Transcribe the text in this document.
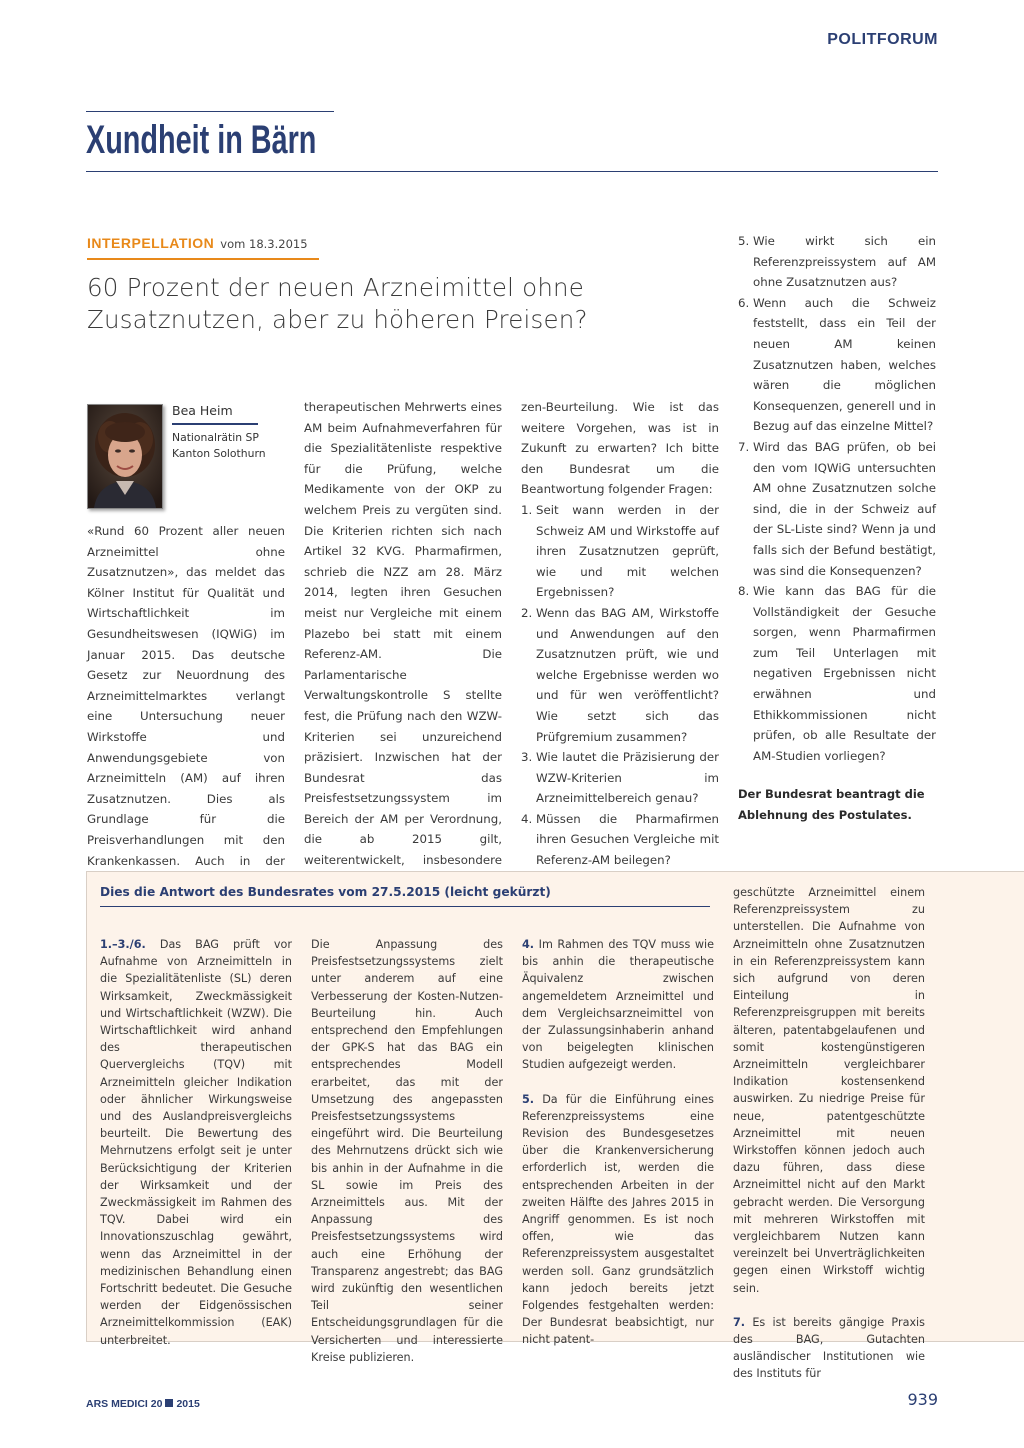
POLITFORUM
Xundheit in Bärn
INTERPELLATION vom 18.3.2015
60 Prozent der neuen Arzneimittel ohne
Zusatznutzen, aber zu höheren Preisen?
Bea Heim
Nationalrätin SP
Kanton Solothurn

«Rund 60 Prozent aller neuen Arzneimittel ohne Zusatznutzen», das meldet das Kölner Institut für Qualität und Wirtschaftlichkeit im Gesundheitswesen (IQWiG) im Januar 2015. Das deutsche Gesetz zur Neuordnung des Arzneimittelmarktes verlangt eine Untersuchung neuer Wirkstoffe und Anwendungsgebiete von Arzneimitteln (AM) auf ihren Zusatznutzen. Dies als Grundlage für die Preisverhandlungen mit den Krankenkassen. Auch in der

therapeutischen Mehrwerts eines AM beim Aufnahmeverfahren für die Spezialitätenliste respektive für die Prüfung, welche Medikamente von der OKP zu welchem Preis zu vergüten sind. Die Kriterien richten sich nach Artikel 32 KVG. Pharmafirmen, schrieb die NZZ am 28. März 2014, legten ihren Gesuchen meist nur Vergleiche mit einem Plazebo bei statt mit einem Referenz-AM. Die Parlamentarische Verwaltungskontrolle S stellte fest, die Prüfung nach den WZW-Kriterien sei unzureichend präzisiert. Inzwischen hat der Bundesrat das Preisfestsetzungssystem im Bereich der AM per Verordnung, die ab 2015 gilt, weiterentwickelt, insbesondere

zen-Beurteilung. Wie ist das weitere Vorgehen, was ist in Zukunft zu erwarten? Ich bitte den Bundesrat um die Beantwortung folgender Fragen:

1. Seit wann werden in der Schweiz AM und Wirkstoffe auf ihren Zusatznutzen geprüft, wie und mit welchen Ergebnissen?
2. Wenn das BAG AM, Wirkstoffe und Anwendungen auf den Zusatznutzen prüft, wie und welche Ergebnisse werden wo und für wen veröffentlicht? Wie setzt sich das Prüfgremium zusammen?
3. Wie lautet die Präzisierung der WZW-Kriterien im Arzneimittelbereich genau?
4. Müssen die Pharmafirmen ihren Gesuchen Vergleiche mit Referenz-AM beilegen?
5. Wie wirkt sich ein Referenzpreissystem auf AM ohne Zusatznutzen aus?
6. Wenn auch die Schweiz feststellt, dass ein Teil der neuen AM keinen Zusatznutzen haben, welches wären die möglichen Konsequenzen, generell und in Bezug auf das einzelne Mittel?
7. Wird das BAG prüfen, ob bei den vom IQWiG untersuchten AM ohne Zusatznutzen solche sind, die in der Schweiz auf der SL-Liste sind? Wenn ja und falls sich der Befund bestätigt, was sind die Konsequenzen?
8. Wie kann das BAG für die Vollständigkeit der Gesuche sorgen, wenn Pharmafirmen zum Teil Unterlagen mit negativen Ergebnissen nicht erwähnen und Ethikkommissionen nicht prüfen, ob alle Resultate der AM-Studien vorliegen?
Der Bundesrat beantragt die
Ablehnung des Postulates.
Dies die Antwort des Bundesrates vom 27.5.2015 (leicht gekürzt)

1.–3./6. Das BAG prüft vor Aufnahme von Arzneimitteln in die Spezialitätenliste (SL) deren Wirksamkeit, Zweckmässigkeit und Wirtschaftlichkeit (WZW). Die Wirtschaftlichkeit wird anhand des therapeutischen Quervergleichs (TQV) mit Arzneimitteln gleicher Indikation oder ähnlicher Wirkungsweise und des Auslandpreisvergleichs beurteilt. Die Bewertung des Mehrnutzens erfolgt seit je unter Berücksichtigung der Kriterien der Wirksamkeit und der Zweckmässigkeit im Rahmen des TQV. Dabei wird ein Innovationszuschlag gewährt, wenn das Arzneimittel in der medizinischen Behandlung einen Fortschritt bedeutet. Die Gesuche werden der Eidgenössischen Arzneimittelkommission (EAK) unterbreitet.

Die Anpassung des Preisfestsetzungssystems zielt unter anderem auf eine Verbesserung der Kosten-Nutzen-Beurteilung hin. Auch entsprechend den Empfehlungen der GPK-S hat das BAG ein entsprechendes Modell erarbeitet, das mit der Umsetzung des angepassten Preisfestsetzungssystems eingeführt wird. Die Beurteilung des Mehrnutzens drückt sich wie bis anhin in der Aufnahme in die SL sowie im Preis des Arzneimittels aus. Mit der Anpassung des Preisfestsetzungssystems wird auch eine Erhöhung der Transparenz angestrebt; das BAG wird zukünftig den wesentlichen Teil seiner Entscheidungsgrundlagen für die Versicherten und interessierte Kreise publizieren.

4. Im Rahmen des TQV muss wie bis anhin die therapeutische Äquivalenz zwischen angemeldetem Arzneimittel und dem Vergleichsarzneimittel von der Zulassungsinhaberin anhand von beigelegten klinischen Studien aufgezeigt werden.

5. Da für die Einführung eines Referenzpreissystems eine Revision des Bundesgesetzes über die Krankenversicherung erforderlich ist, werden die entsprechenden Arbeiten in der zweiten Hälfte des Jahres 2015 in Angriff genommen. Es ist noch offen, wie das Referenzpreissystem ausgestaltet werden soll. Ganz grundsätzlich kann jedoch bereits jetzt Folgendes festgehalten werden: Der Bundesrat beabsichtigt, nur nicht patent-

geschützte Arzneimittel einem Referenzpreissystem zu unterstellen. Die Aufnahme von Arzneimitteln ohne Zusatznutzen in ein Referenzpreissystem kann sich aufgrund von deren Einteilung in Referenzpreisgruppen mit bereits älteren, patentabgelaufenen und somit kostengünstigeren Arzneimitteln vergleichbarer Indikation kostensenkend auswirken. Zu niedrige Preise für neue, patentgeschützte Arzneimittel mit neuen Wirkstoffen können jedoch auch dazu führen, dass diese Arzneimittel nicht auf den Markt gebracht werden. Die Versorgung mit mehreren Wirkstoffen mit vergleichbarem Nutzen kann vereinzelt bei Unverträglichkeiten gegen einen Wirkstoff wichtig sein.

7. Es ist bereits gängige Praxis des BAG, Gutachten ausländischer Institutionen wie des Instituts für

ARS MEDICI 20 2015	939
